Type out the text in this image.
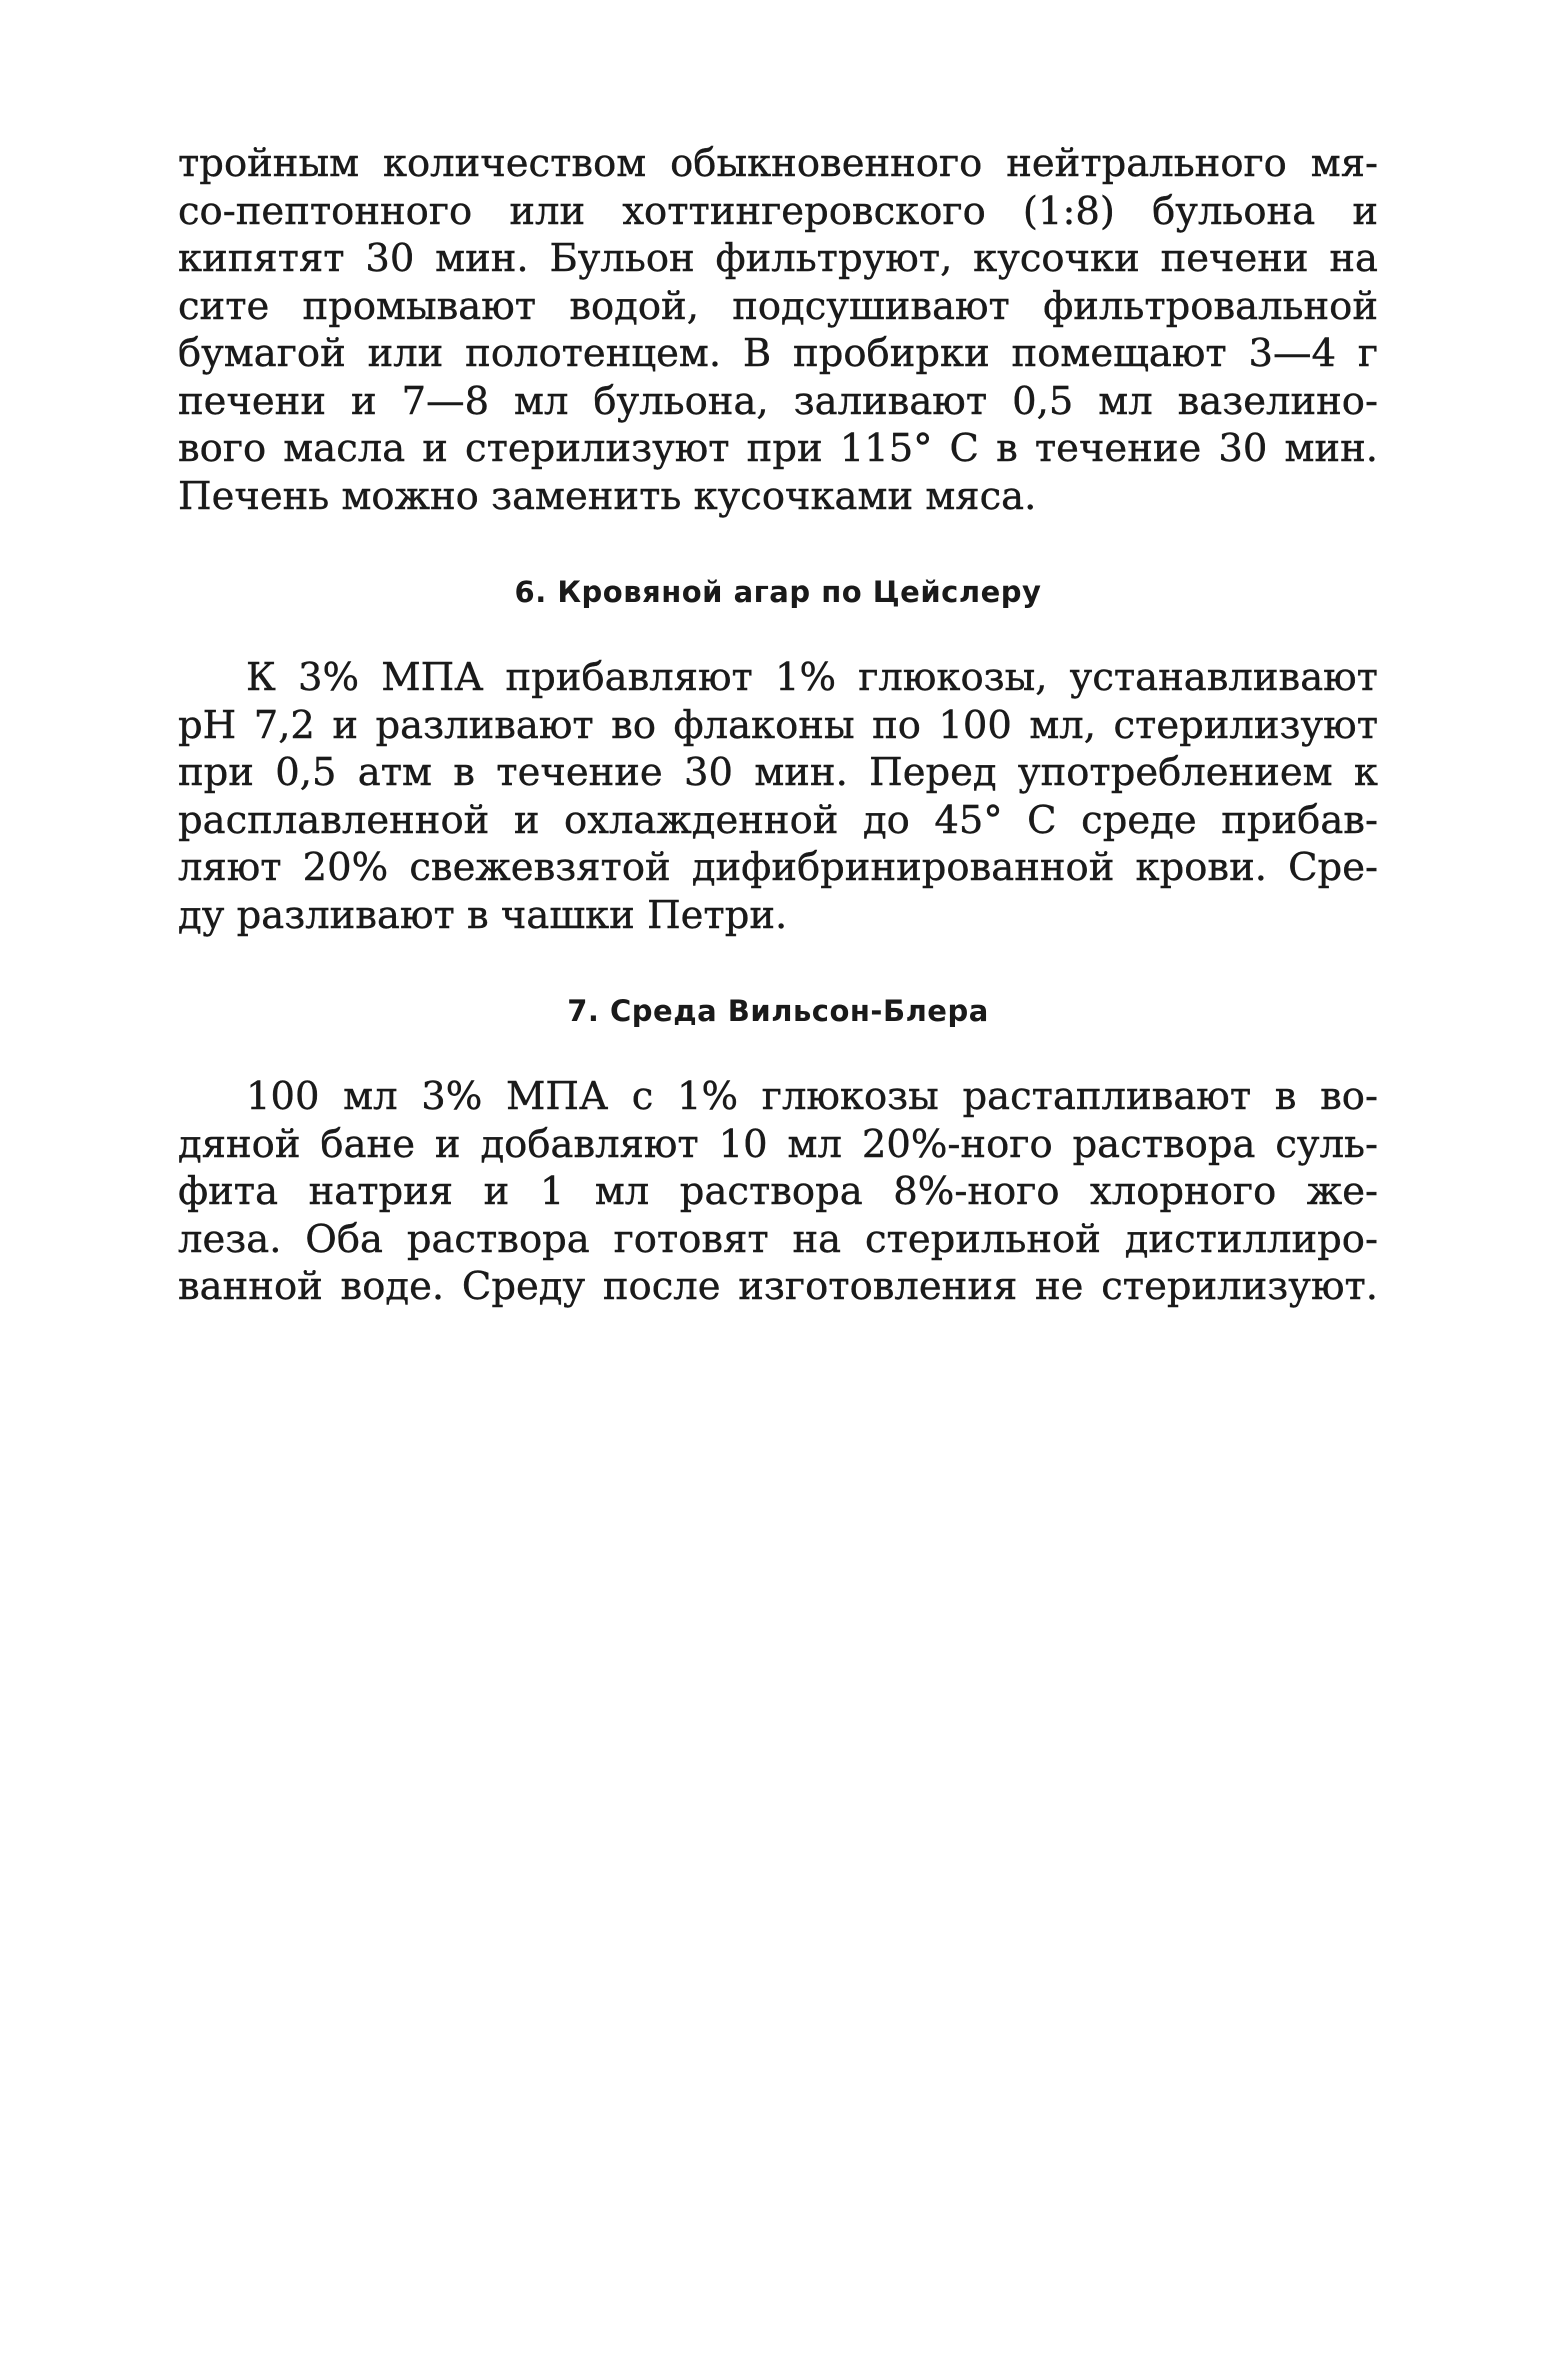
тройным количеством обыкновенного нейтрального мя-
со-пептонного или хоттингеровского (1:8) бульона и
кипятят 30 мин. Бульон фильтруют, кусочки печени на
сите промывают водой, подсушивают фильтровальной
бумагой или полотенцем. В пробирки помещают 3—4 г
печени и 7—8 мл бульона, заливают 0,5 мл вазелино-
вого масла и стерилизуют при 115° С в течение 30 мин.
Печень можно заменить кусочками мяса.
6. Кровяной агар по Цейслеру
К 3% МПА прибавляют 1% глюкозы, устанавливают
рН 7,2 и разливают во флаконы по 100 мл, стерилизуют
при 0,5 атм в течение 30 мин. Перед употреблением к
расплавленной и охлажденной до 45° С среде прибав-
ляют 20% свежевзятой дифибринированной крови. Сре-
ду разливают в чашки Петри.
7. Среда Вильсон-Блера
100 мл 3% МПА с 1% глюкозы растапливают в во-
дяной бане и добавляют 10 мл 20%-ного раствора суль-
фита натрия и 1 мл раствора 8%-ного хлорного же-
леза. Оба раствора готовят на стерильной дистиллиро-
ванной воде. Среду после изготовления не стерилизуют.
